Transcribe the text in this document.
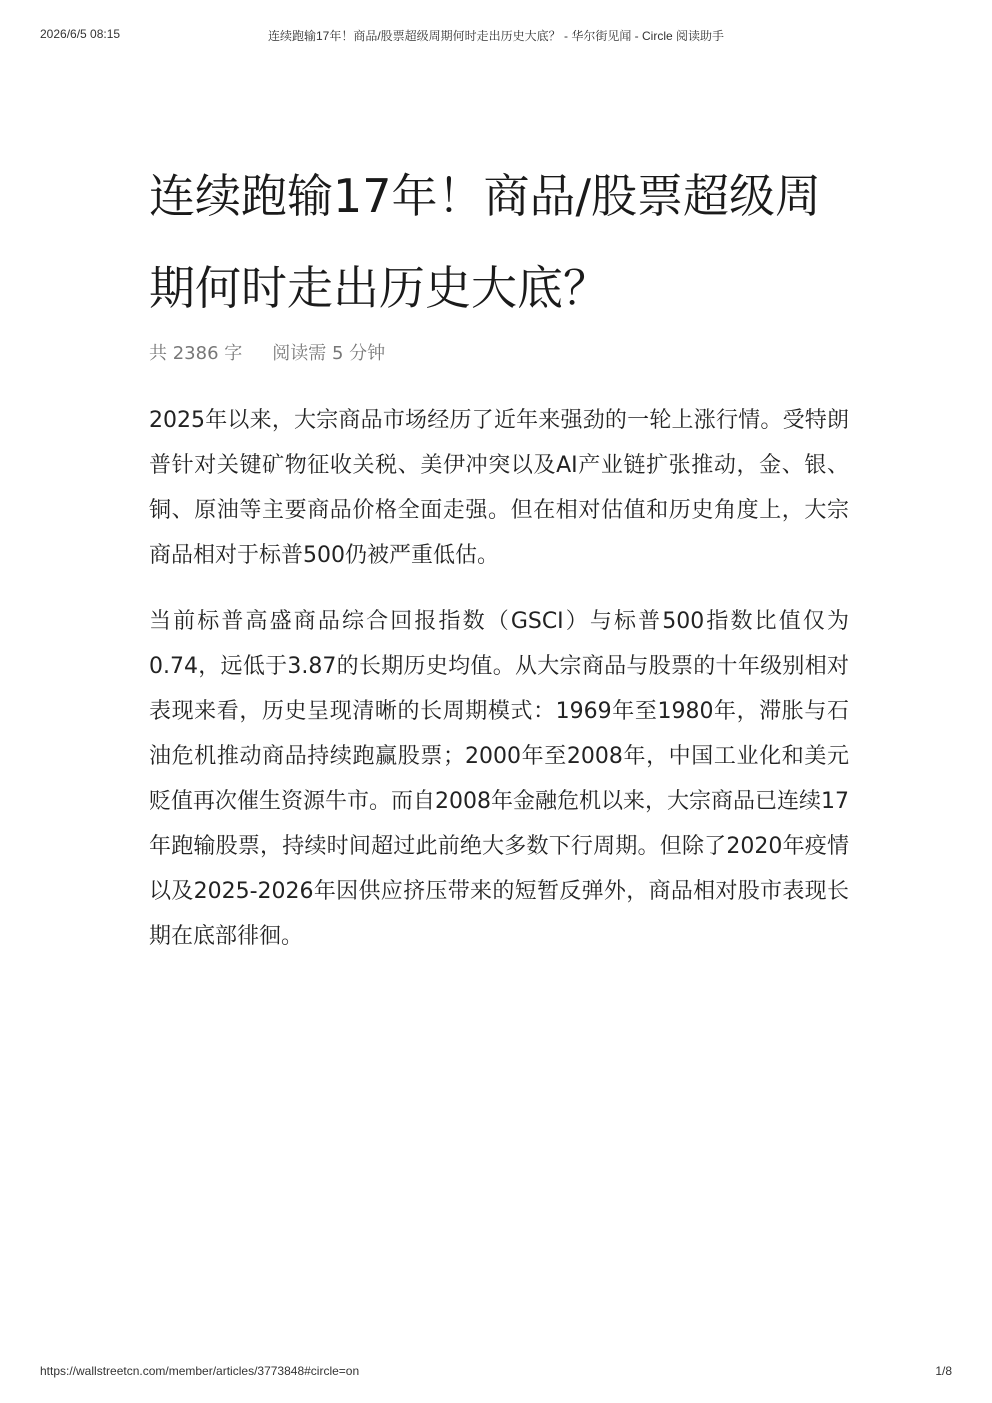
2026/6/5 08:15	连续跑输17年！商品/股票超级周期何时走出历史大底？ - 华尔街见闻 - Circle 阅读助手
连续跑输17年！商品/股票超级周期何时走出历史大底？
共 2386 字 阅读需 5 分钟

2025年以来，大宗商品市场经历了近年来强劲的一轮上涨行情。受特朗普针对关键矿物征收关税、美伊冲突以及AI产业链扩张推动，金、银、铜、原油等主要商品价格全面走强。但在相对估值和历史角度上，大宗商品相对于标普500仍被严重低估。

当前标普高盛商品综合回报指数（GSCI）与标普500指数比值仅为0.74，远低于3.87的长期历史均值。从大宗商品与股票的十年级别相对表现来看，历史呈现清晰的长周期模式：1969年至1980年，滞胀与石油危机推动商品持续跑赢股票；2000年至2008年，中国工业化和美元贬值再次催生资源牛市。而自2008年金融危机以来，大宗商品已连续17年跑输股票，持续时间超过此前绝大多数下行周期。但除了2020年疫情以及2025-2026年因供应挤压带来的短暂反弹外，商品相对股市表现长期在底部徘徊。

https://wallstreetcn.com/member/articles/3773848#circle=on	1/8
